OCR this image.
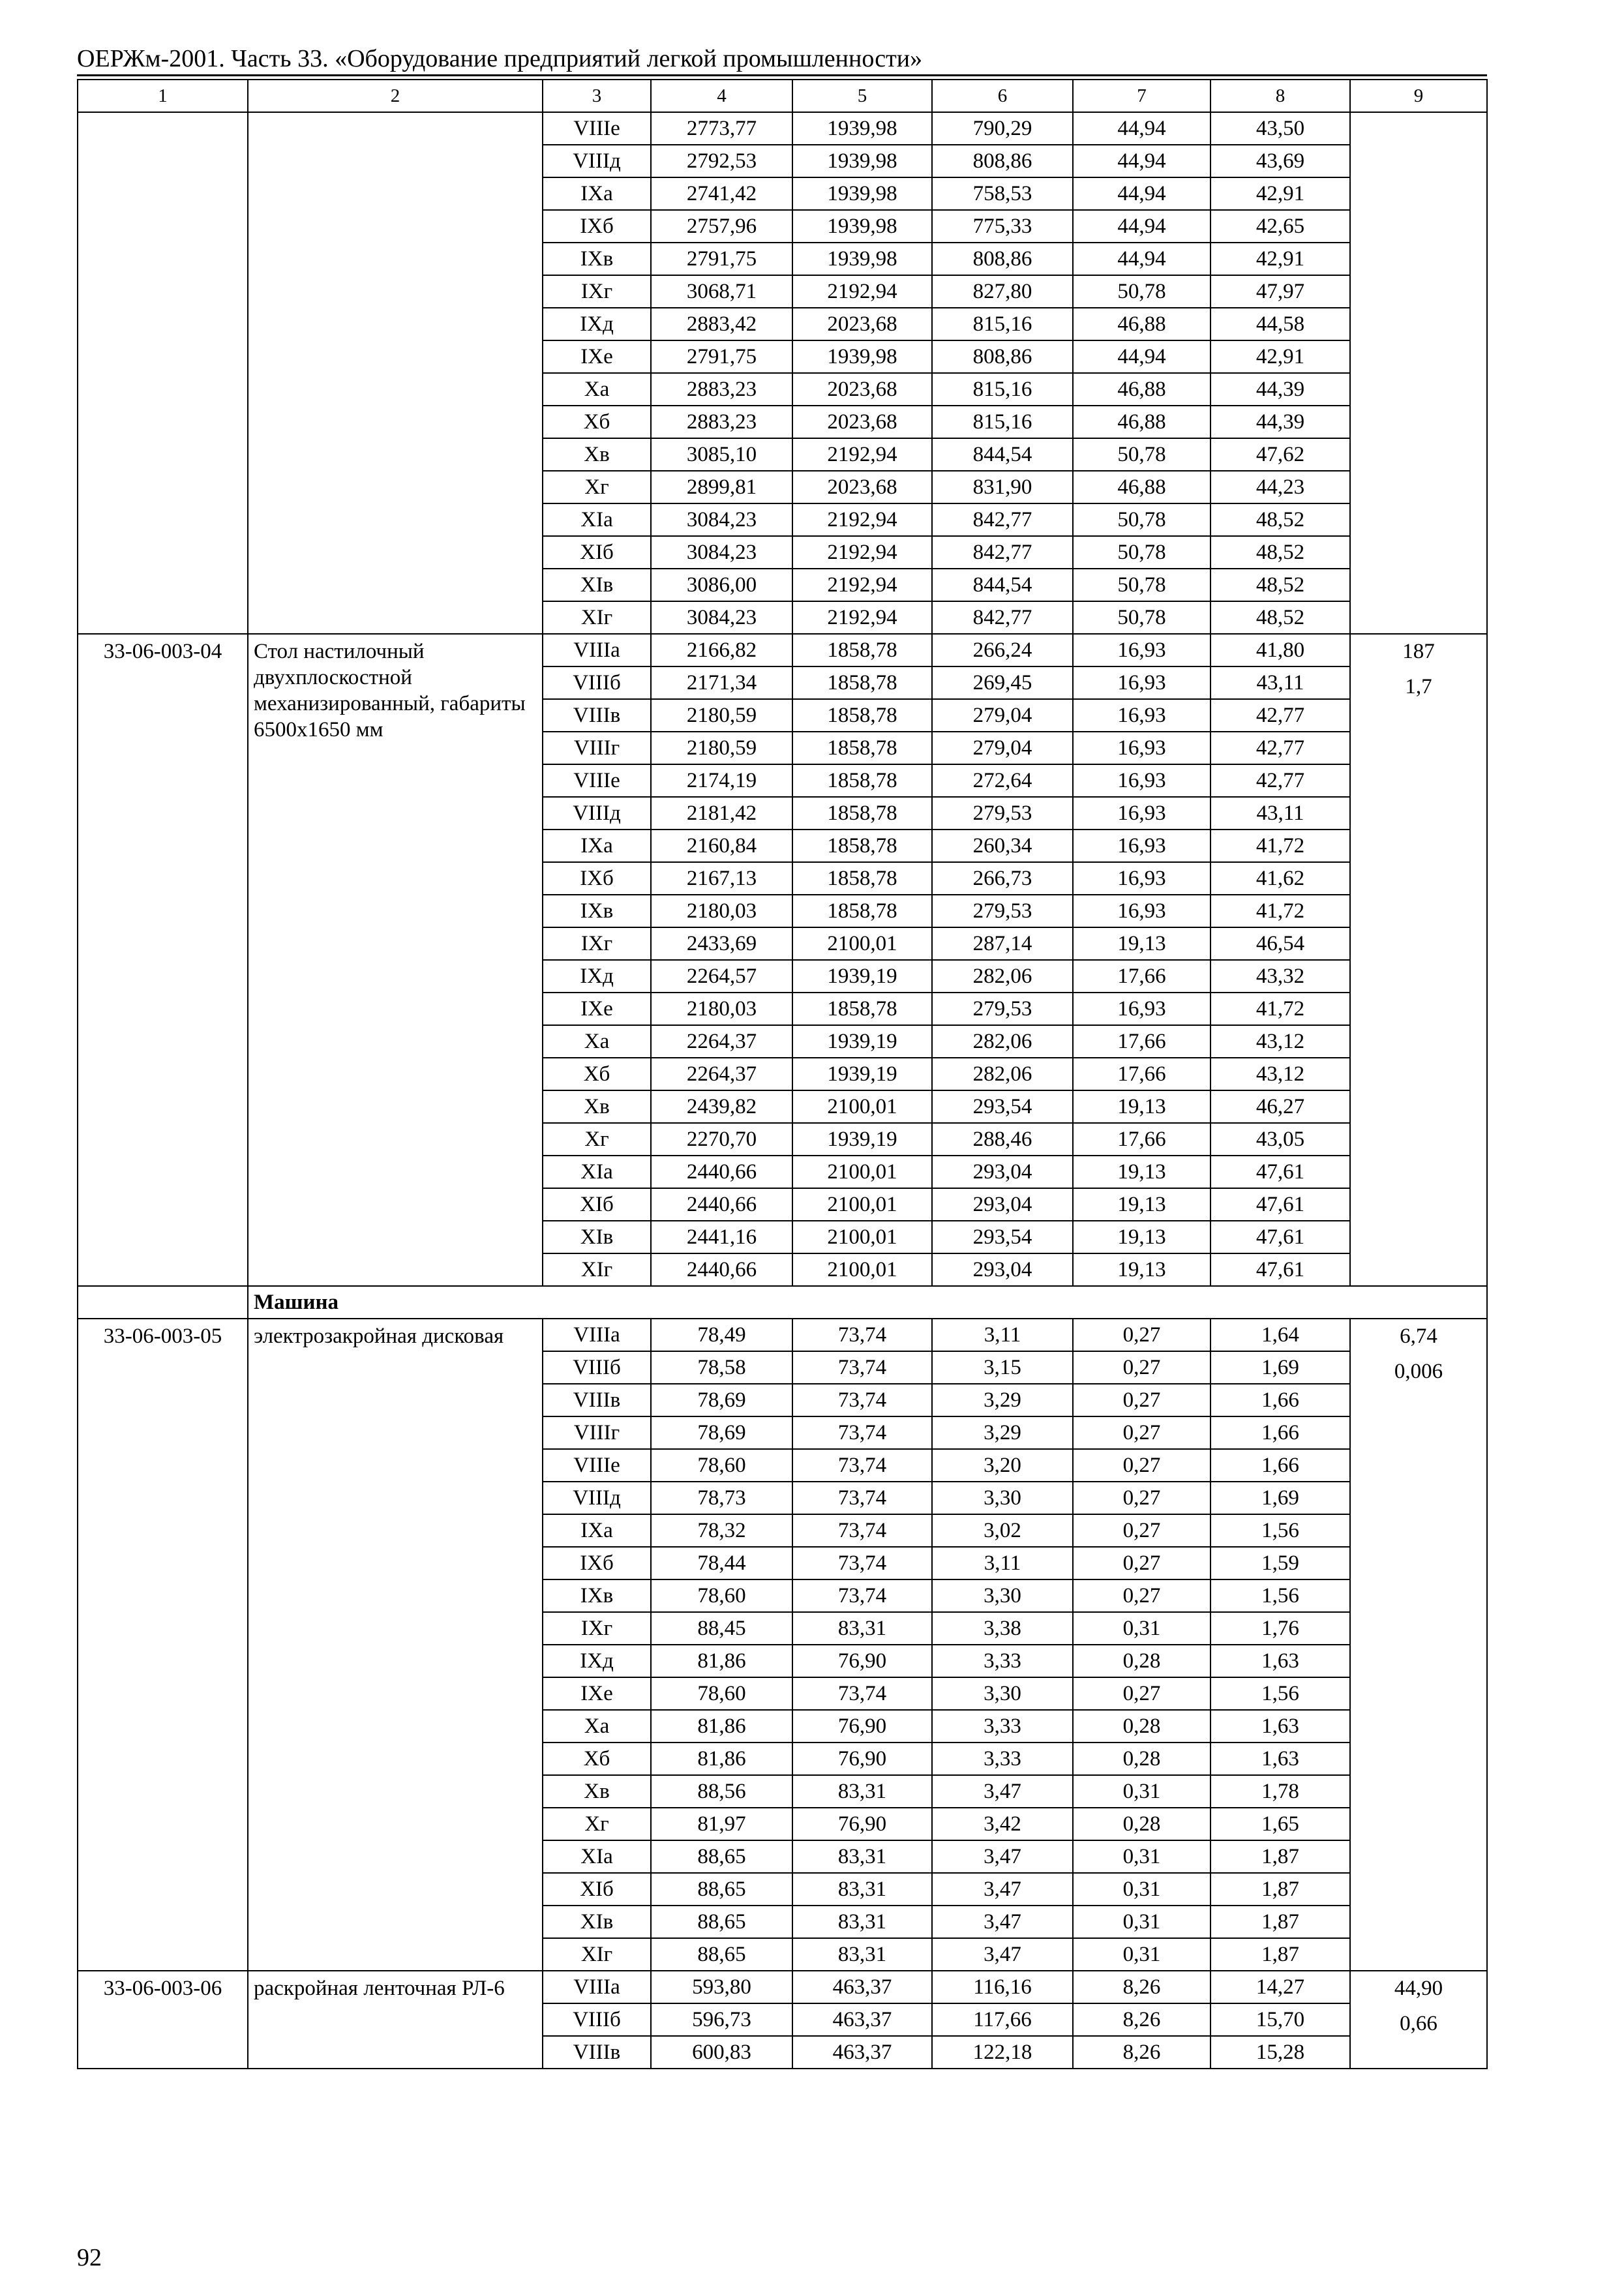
ОЕРЖм-2001. Часть 33. «Оборудование предприятий легкой промышленности»
1	2	3	4	5	6	7	8	9
		VIIIе	2773,77	1939,98	790,29	44,94	43,50	
		VIIIд	2792,53	1939,98	808,86	44,94	43,69	
		IXа	2741,42	1939,98	758,53	44,94	42,91	
		IXб	2757,96	1939,98	775,33	44,94	42,65	
		IXв	2791,75	1939,98	808,86	44,94	42,91	
		IXг	3068,71	2192,94	827,80	50,78	47,97	
		IXд	2883,42	2023,68	815,16	46,88	44,58	
		IXе	2791,75	1939,98	808,86	44,94	42,91	
		Xа	2883,23	2023,68	815,16	46,88	44,39	
		Xб	2883,23	2023,68	815,16	46,88	44,39	
		Xв	3085,10	2192,94	844,54	50,78	47,62	
		Xг	2899,81	2023,68	831,90	46,88	44,23	
		XIа	3084,23	2192,94	842,77	50,78	48,52	
		XIб	3084,23	2192,94	842,77	50,78	48,52	
		XIв	3086,00	2192,94	844,54	50,78	48,52	
		XIг	3084,23	2192,94	842,77	50,78	48,52	
33-06-003-04	Стол настилочный двухплоскостной механизированный, габариты 6500х1650 мм	VIIIа	2166,82	1858,78	266,24	16,93	41,80	187
1,7

		VIIIб	2171,34	1858,78	269,45	16,93	43,11	
		VIIIв	2180,59	1858,78	279,04	16,93	42,77	
		VIIIг	2180,59	1858,78	279,04	16,93	42,77	
		VIIIе	2174,19	1858,78	272,64	16,93	42,77	
		VIIIд	2181,42	1858,78	279,53	16,93	43,11	
		IXа	2160,84	1858,78	260,34	16,93	41,72	
		IXб	2167,13	1858,78	266,73	16,93	41,62	
		IXв	2180,03	1858,78	279,53	16,93	41,72	
		IXг	2433,69	2100,01	287,14	19,13	46,54	
		IXд	2264,57	1939,19	282,06	17,66	43,32	
		IXе	2180,03	1858,78	279,53	16,93	41,72	
		Xа	2264,37	1939,19	282,06	17,66	43,12	
		Xб	2264,37	1939,19	282,06	17,66	43,12	
		Xв	2439,82	2100,01	293,54	19,13	46,27	
		Xг	2270,70	1939,19	288,46	17,66	43,05	
		XIа	2440,66	2100,01	293,04	19,13	47,61	
		XIб	2440,66	2100,01	293,04	19,13	47,61	
		XIв	2441,16	2100,01	293,54	19,13	47,61	
		XIг	2440,66	2100,01	293,04	19,13	47,61	
	Машина							
33-06-003-05	электрозакройная дисковая	VIIIа	78,49	73,74	3,11	0,27	1,64	6,74
0,006

		VIIIб	78,58	73,74	3,15	0,27	1,69	
		VIIIв	78,69	73,74	3,29	0,27	1,66	
		VIIIг	78,69	73,74	3,29	0,27	1,66	
		VIIIе	78,60	73,74	3,20	0,27	1,66	
		VIIIд	78,73	73,74	3,30	0,27	1,69	
		IXа	78,32	73,74	3,02	0,27	1,56	
		IXб	78,44	73,74	3,11	0,27	1,59	
		IXв	78,60	73,74	3,30	0,27	1,56	
		IXг	88,45	83,31	3,38	0,31	1,76	
		IXд	81,86	76,90	3,33	0,28	1,63	
		IXе	78,60	73,74	3,30	0,27	1,56	
		Xа	81,86	76,90	3,33	0,28	1,63	
		Xб	81,86	76,90	3,33	0,28	1,63	
		Xв	88,56	83,31	3,47	0,31	1,78	
		Xг	81,97	76,90	3,42	0,28	1,65	
		XIа	88,65	83,31	3,47	0,31	1,87	
		XIб	88,65	83,31	3,47	0,31	1,87	
		XIв	88,65	83,31	3,47	0,31	1,87	
		XIг	88,65	83,31	3,47	0,31	1,87	
33-06-003-06	раскройная ленточная РЛ-6	VIIIа	593,80	463,37	116,16	8,26	14,27	44,90
0,66

		VIIIб	596,73	463,37	117,66	8,26	15,70	
		VIIIв	600,83	463,37	122,18	8,26	15,28	
92
